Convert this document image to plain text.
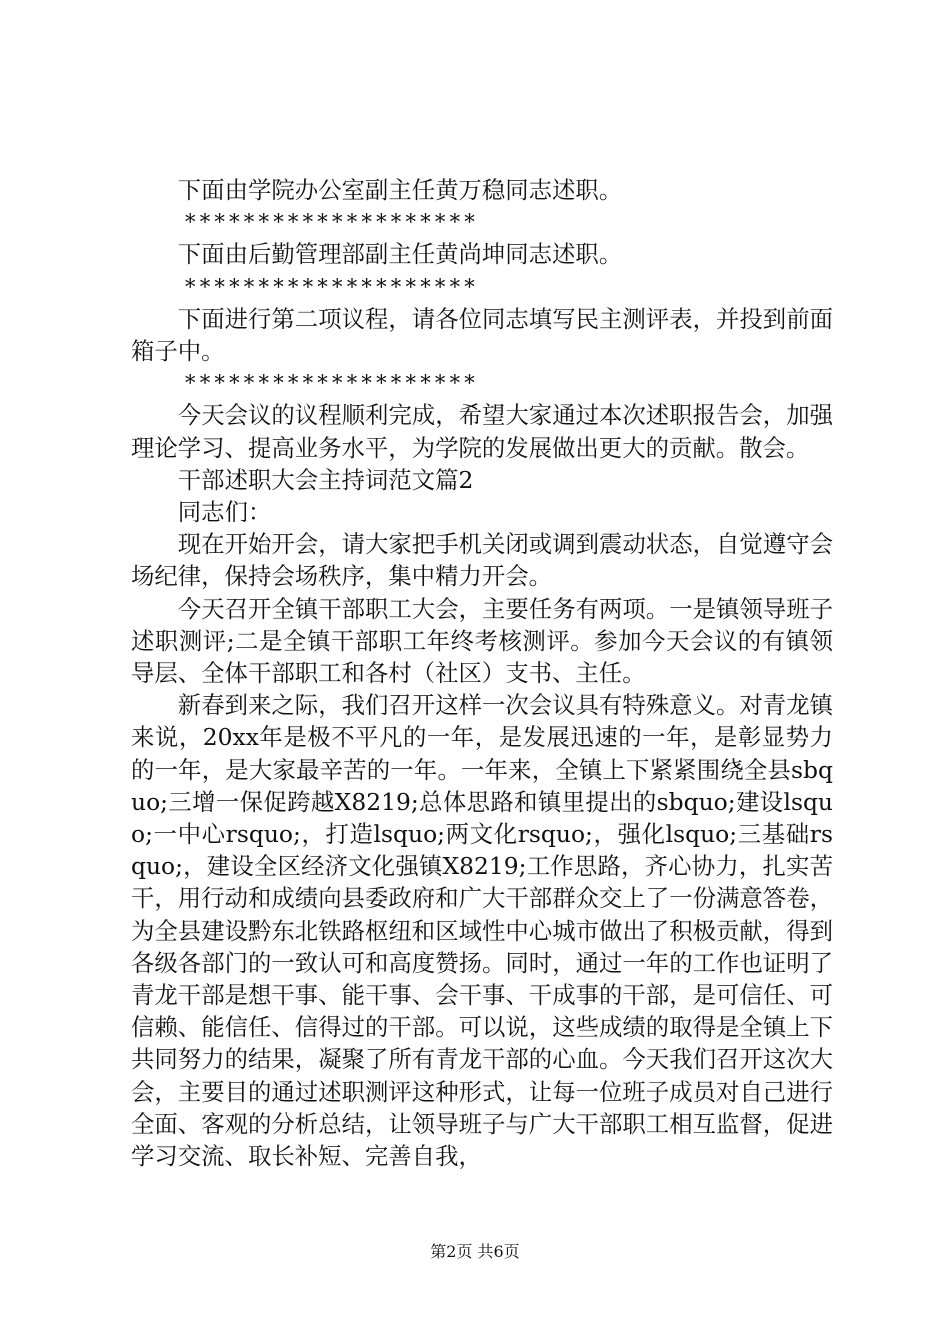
下面由学院办公室副主任黄万稳同志述职。

********************

下面由后勤管理部副主任黄尚坤同志述职。

********************

下面进行第二项议程，请各位同志填写民主测评表，并投到前面箱子中。

********************

今天会议的议程顺利完成，希望大家通过本次述职报告会，加强理论学习、提高业务水平，为学院的发展做出更大的贡献。散会。

干部述职大会主持词范文篇2

同志们：

现在开始开会，请大家把手机关闭或调到震动状态，自觉遵守会场纪律，保持会场秩序，集中精力开会。

今天召开全镇干部职工大会，主要任务有两项。一是镇领导班子述职测评;二是全镇干部职工年终考核测评。参加今天会议的有镇领导层、全体干部职工和各村（社区）支书、主任。

新春到来之际，我们召开这样一次会议具有特殊意义。对青龙镇来说，20xx年是极不平凡的一年，是发展迅速的一年，是彰显势力的一年，是大家最辛苦的一年。一年来，全镇上下紧紧围绕全县sbquo;三增一保促跨越X8219;总体思路和镇里提出的sbquo;建设lsquo;一中心rsquo;，打造lsquo;两文化rsquo;，强化lsquo;三基础rsquo;，建设全区经济文化强镇X8219;工作思路，齐心协力，扎实苦干，用行动和成绩向县委政府和广大干部群众交上了一份满意答卷，为全县建设黔东北铁路枢纽和区域性中心城市做出了积极贡献，得到各级各部门的一致认可和高度赞扬。同时，通过一年的工作也证明了青龙干部是想干事、能干事、会干事、干成事的干部，是可信任、可信赖、能信任、信得过的干部。可以说，这些成绩的取得是全镇上下共同努力的结果，凝聚了所有青龙干部的心血。今天我们召开这次大会，主要目的通过述职测评这种形式，让每一位班子成员对自己进行全面、客观的分析总结，让领导班子与广大干部职工相互监督，促进学习交流、取长补短、完善自我，

第2页 共6页
